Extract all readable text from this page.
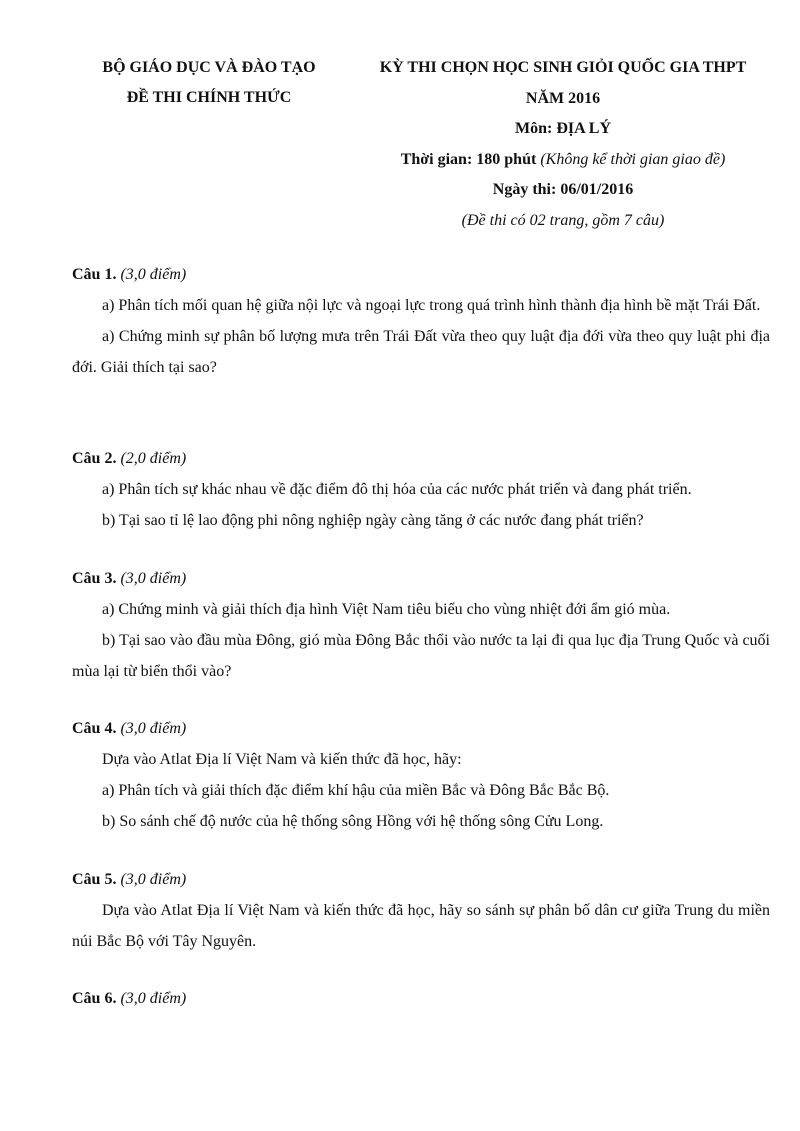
BỘ GIÁO DỤC VÀ ĐÀO TẠO
ĐỀ THI CHÍNH THỨC
KỲ THI CHỌN HỌC SINH GIỎI QUỐC GIA THPT
NĂM 2016
Môn: ĐỊA LÝ
Thời gian: 180 phút (Không kể thời gian giao đề)
Ngày thi: 06/01/2016
(Đề thi có 02 trang, gồm 7 câu)
Câu 1. (3,0 điểm)
a) Phân tích mối quan hệ giữa nội lực và ngoại lực trong quá trình hình thành địa hình bề mặt Trái Đất.
a) Chứng minh sự phân bố lượng mưa trên Trái Đất vừa theo quy luật địa đới vừa theo quy luật phi địa đới. Giải thích tại sao?
Câu 2. (2,0 điểm)
a) Phân tích sự khác nhau về đặc điểm đô thị hóa của các nước phát triển và đang phát triển.
b) Tại sao tỉ lệ lao động phi nông nghiệp ngày càng tăng ở các nước đang phát triển?
Câu 3. (3,0 điểm)
a) Chứng minh và giải thích địa hình Việt Nam tiêu biểu cho vùng nhiệt đới ẩm gió mùa.
b) Tại sao vào đầu mùa Đông, gió mùa Đông Bắc thổi vào nước ta lại đi qua lục địa Trung Quốc và cuối mùa lại từ biển thổi vào?
Câu 4. (3,0 điểm)
Dựa vào Atlat Địa lí Việt Nam và kiến thức đã học, hãy:
a) Phân tích và giải thích đặc điểm khí hậu của miền Bắc và Đông Bắc Bắc Bộ.
b) So sánh chế độ nước của hệ thống sông Hồng với hệ thống sông Cửu Long.
Câu 5. (3,0 điểm)
Dựa vào Atlat Địa lí Việt Nam và kiến thức đã học, hãy so sánh sự phân bố dân cư giữa Trung du miền núi Bắc Bộ với Tây Nguyên.
Câu 6. (3,0 điểm)
